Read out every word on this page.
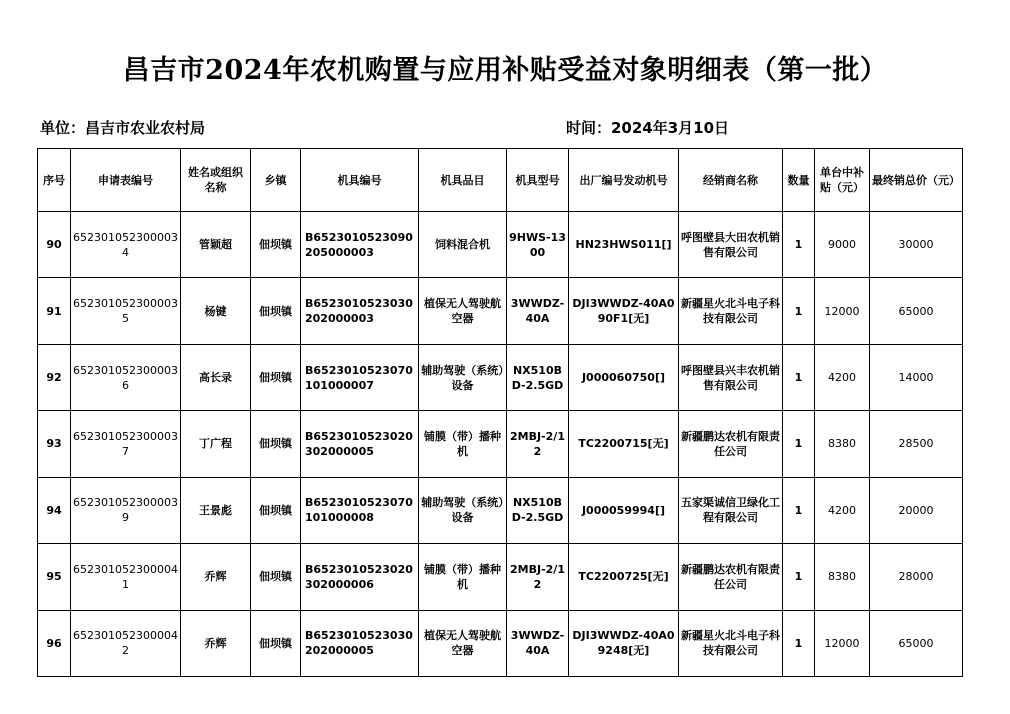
昌吉市2024年农机购置与应用补贴受益对象明细表（第一批）
单位：昌吉市农业农村局	时间：2024年3月10日
序号	申请表编号	姓名或组织名称	乡镇	机具编号	机具品目	机具型号	出厂编号发动机号	经销商名称	数量	单台中补贴（元）	最终销总价（元）
90	6523010523000034	管颖超	佃坝镇	B6523010523090205000003	饲料混合机	9HWS-1300	HN23HWS011[]	呼图壁县大田农机销售有限公司	1	9000	30000
91	6523010523000035	杨键	佃坝镇	B6523010523030202000003	植保无人驾驶航空器	3WWDZ-40A	DJI3WWDZ-40A090F1[无]	新疆星火北斗电子科技有限公司	1	12000	65000
92	6523010523000036	高长录	佃坝镇	B6523010523070101000007	辅助驾驶（系统）设备	NX510BD-2.5GD	J000060750[]	呼图壁县兴丰农机销售有限公司	1	4200	14000
93	6523010523000037	丁广程	佃坝镇	B6523010523020302000005	铺膜（带）播种机	2MBJ-2/12	TC2200715[无]	新疆鹏达农机有限责任公司	1	8380	28500
94	6523010523000039	王景彪	佃坝镇	B6523010523070101000008	辅助驾驶（系统）设备	NX510BD-2.5GD	J000059994[]	五家渠诚信卫绿化工程有限公司	1	4200	20000
95	6523010523000041	乔辉	佃坝镇	B6523010523020302000006	铺膜（带）播种机	2MBJ-2/12	TC2200725[无]	新疆鹏达农机有限责任公司	1	8380	28000
96	6523010523000042	乔辉	佃坝镇	B6523010523030202000005	植保无人驾驶航空器	3WWDZ-40A	DJI3WWDZ-40A09248[无]	新疆星火北斗电子科技有限公司	1	12000	65000
